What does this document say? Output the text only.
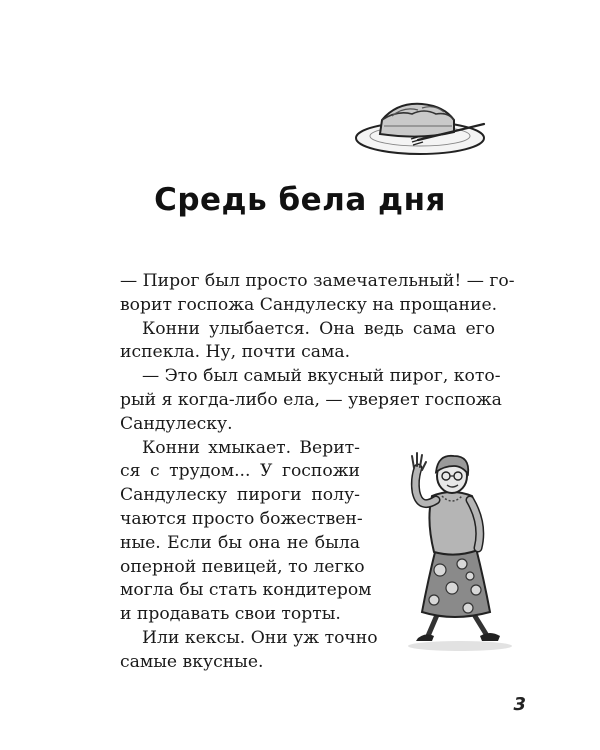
Средь бела дня

— Пирог был просто замечательный! — го-
ворит госпожа Сандулеску на прощание.

Конни улыбается. Она ведь сама его
испекла. Ну, почти сама.

— Это был самый вкусный пирог, кото-
рый я когда-либо ела, — уверяет госпожа
Сандулеску.

Конни хмыкает. Верит-
ся с трудом... У госпожи
Сандулеску пироги полу-
чаются просто божествен-
ные. Если бы она не была
оперной певицей, то легко
могла бы стать кондитером
и продавать свои торты.

Или кексы. Они уж точно
самые вкусные.

3
